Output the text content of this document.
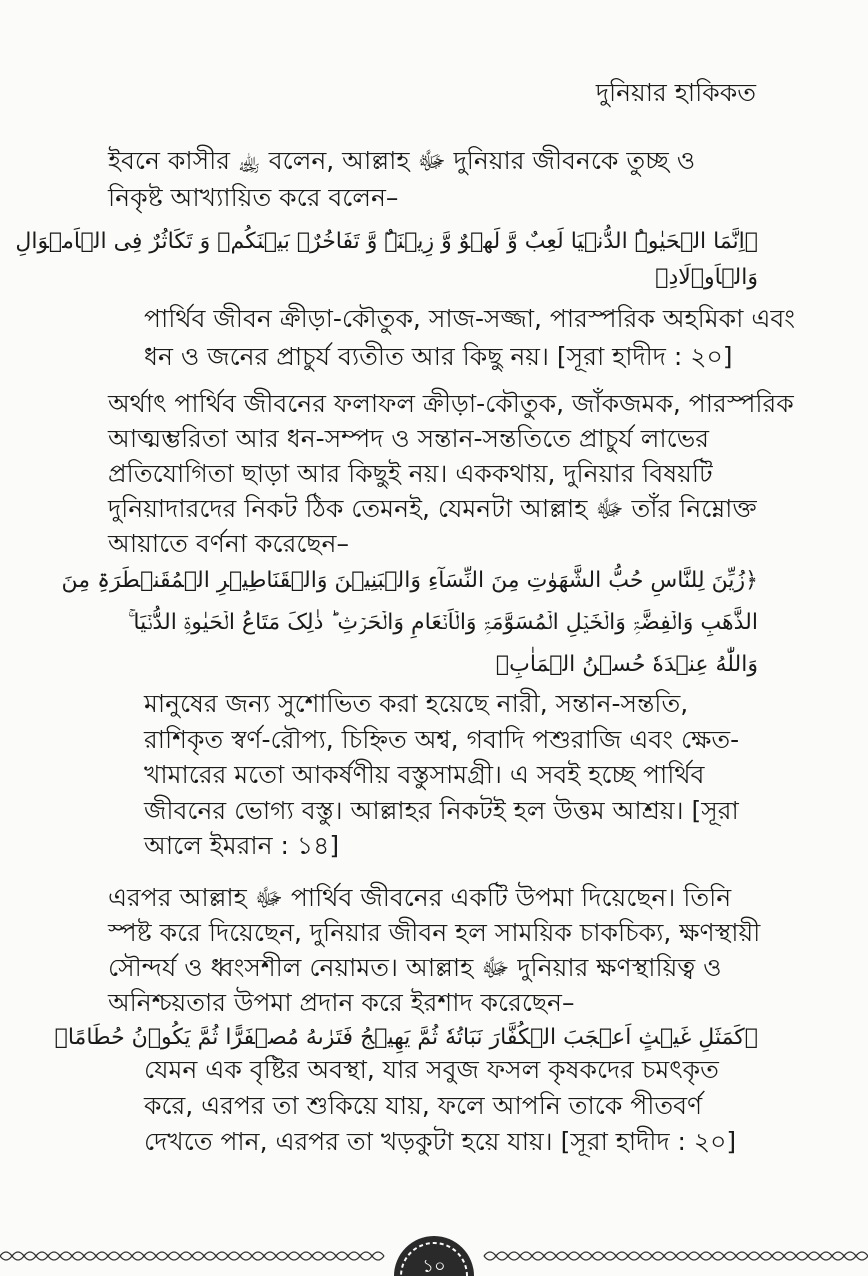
দুনিয়ার হাকিকত
ইবনে কাসীর ﵀ বলেন, আল্লাহ ﷻ দুনিয়ার জীবনকে তুচ্ছ ও
নিকৃষ্ট আখ্যায়িত করে বলেন–
﴿اِنَّمَا الۡحَیٰوۃُ الدُّنۡیَا لَعِبٌ وَّ لَهۡوٌ وَّ زِیۡنَۃٌ وَّ تَفَاخُرٌۢ بَیۡنَکُمۡ وَ تَکَاثُرٌ فِی الۡاَمۡوَالِ
وَالۡاَوۡلَادِ﴾
পার্থিব জীবন ক্রীড়া-কৌতুক, সাজ-সজ্জা, পারস্পরিক অহমিকা এবং
ধন ও জনের প্রাচুর্য ব্যতীত আর কিছু নয়। [সূরা হাদীদ : ২০]
অর্থাৎ পার্থিব জীবনের ফলাফল ক্রীড়া-কৌতুক, জাঁকজমক, পারস্পরিক
আত্মম্ভরিতা আর ধন-সম্পদ ও সন্তান-সন্ততিতে প্রাচুর্য লাভের
প্রতিযোগিতা ছাড়া আর কিছুই নয়। এককথায়, দুনিয়ার বিষয়টি
দুনিয়াদারদের নিকট ঠিক তেমনই, যেমনটা আল্লাহ ﷻ তাঁর নিম্নোক্ত
আয়াতে বর্ণনা করেছেন–
﴿زُیِّنَ لِلنَّاسِ حُبُّ الشَّهَوٰتِ مِنَ النِّسَآءِ وَالۡبَنِیۡنَ وَالۡقَنَاطِیۡرِ الۡمُقَنۡطَرَۃِ مِنَ
الذَّهَبِ وَالۡفِضَّۃِ وَالۡخَیۡلِ الۡمُسَوَّمَۃِ وَالۡاَنۡعَامِ وَالۡحَرۡثِ ؕ ذٰلِکَ مَتَاعُ الۡحَیٰوۃِ الدُّنۡیَا ۚ
وَاللّٰهُ عِنۡدَهٗ حُسۡنُ الۡمَاٰبِ﴾
মানুষের জন্য সুশোভিত করা হয়েছে নারী, সন্তান-সন্ততি,
রাশিকৃত স্বর্ণ-রৌপ্য, চিহ্নিত অশ্ব, গবাদি পশুরাজি এবং ক্ষেত-
খামারের মতো আকর্ষণীয় বস্তুসামগ্রী। এ সবই হচ্ছে পার্থিব
জীবনের ভোগ্য বস্তু। আল্লাহর নিকটই হল উত্তম আশ্রয়। [সূরা
আলে ইমরান : ১৪]
এরপর আল্লাহ ﷻ পার্থিব জীবনের একটি উপমা দিয়েছেন। তিনি
স্পষ্ট করে দিয়েছেন, দুনিয়ার জীবন হল সাময়িক চাকচিক্য, ক্ষণস্থায়ী
সৌন্দর্য ও ধ্বংসশীল নেয়ামত। আল্লাহ ﷻ দুনিয়ার ক্ষণস্থায়িত্ব ও
অনিশ্চয়তার উপমা প্রদান করে ইরশাদ করেছেন–
﴿کَمَثَلِ غَیۡثٍ اَعۡجَبَ الۡکُفَّارَ نَبَاتُهٗ ثُمَّ یَهِیۡجُ فَتَرٰىهُ مُصۡفَرًّا ثُمَّ یَکُوۡنُ حُطَامًا﴾
যেমন এক বৃষ্টির অবস্থা, যার সবুজ ফসল কৃষকদের চমৎকৃত
করে, এরপর তা শুকিয়ে যায়, ফলে আপনি তাকে পীতবর্ণ
দেখতে পান, এরপর তা খড়কুটা হয়ে যায়। [সূরা হাদীদ : ২০]
১০
